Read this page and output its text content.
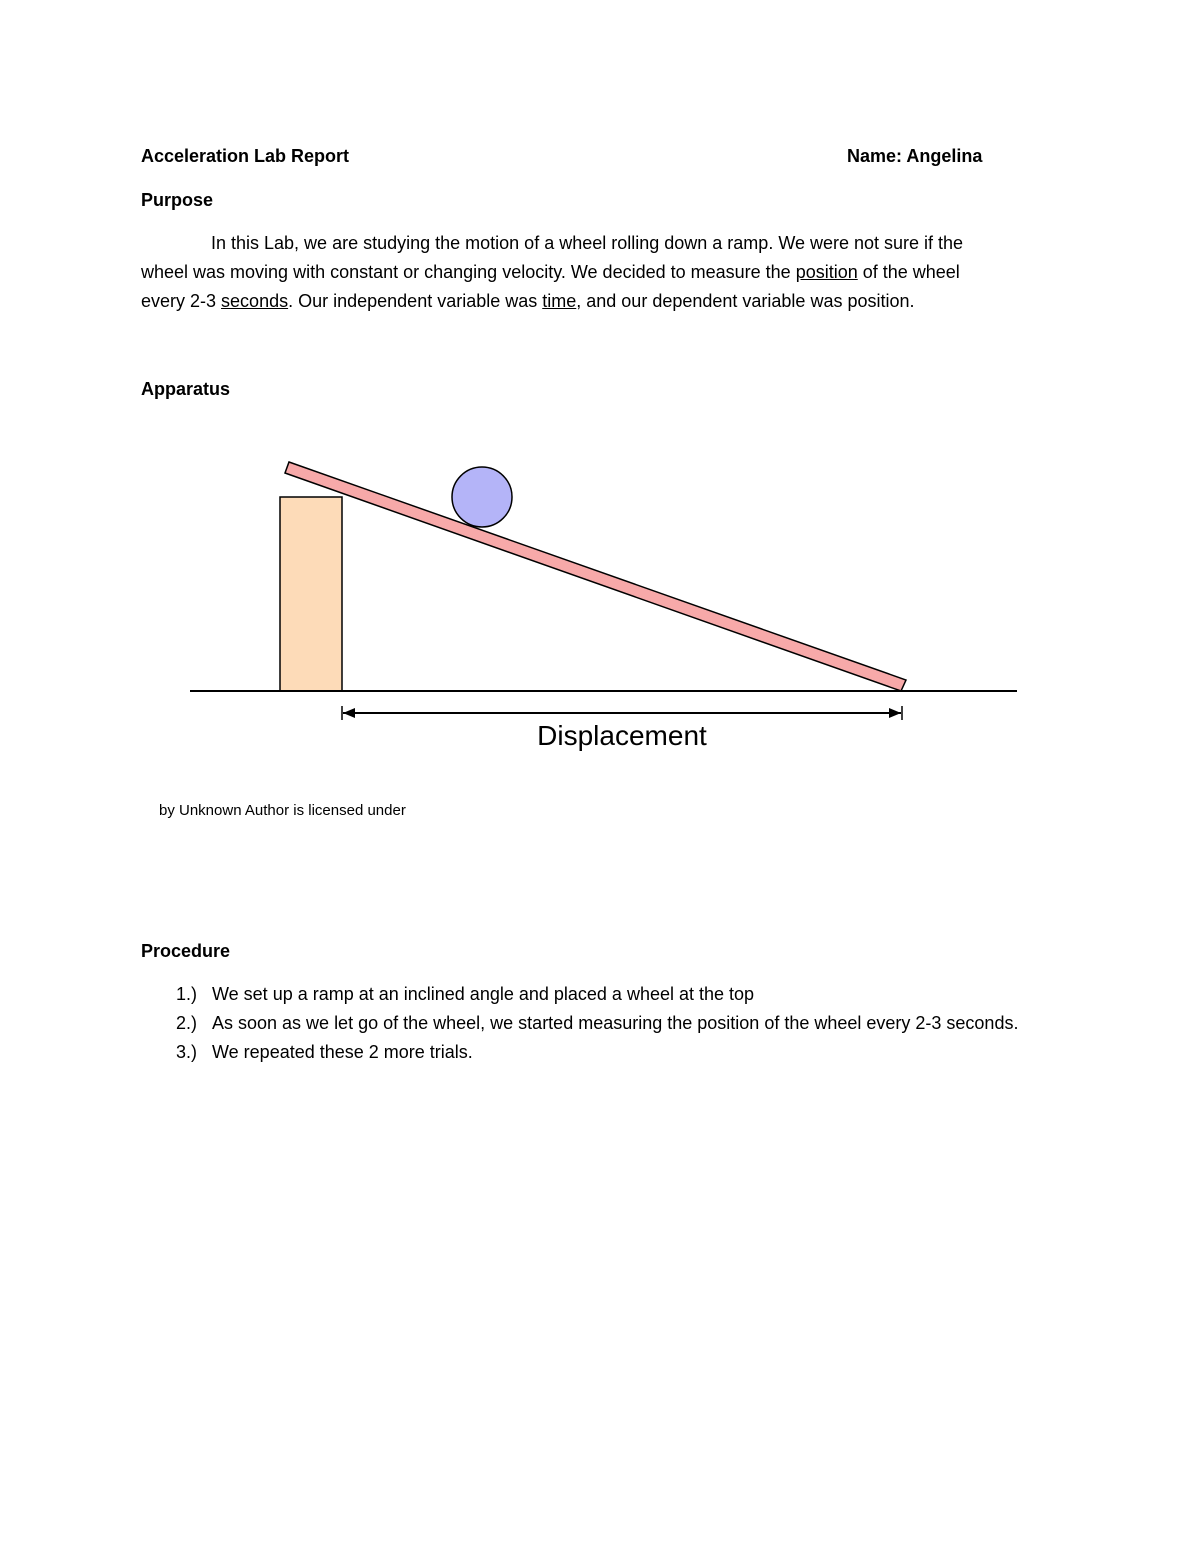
Acceleration Lab Report	Name: Angelina
Purpose
In this Lab, we are studying the motion of a wheel rolling down a ramp. We were not sure if the
wheel was moving with constant or changing velocity. We decided to measure the position of the wheel
every 2-3 seconds. Our independent variable was time, and our dependent variable was position.
Apparatus
Displacement
by Unknown Author is licensed under
Procedure
1.) We set up a ramp at an inclined angle and placed a wheel at the top
2.) As soon as we let go of the wheel, we started measuring the position of the wheel every 2-3 seconds.
3.) We repeated these 2 more trials.
